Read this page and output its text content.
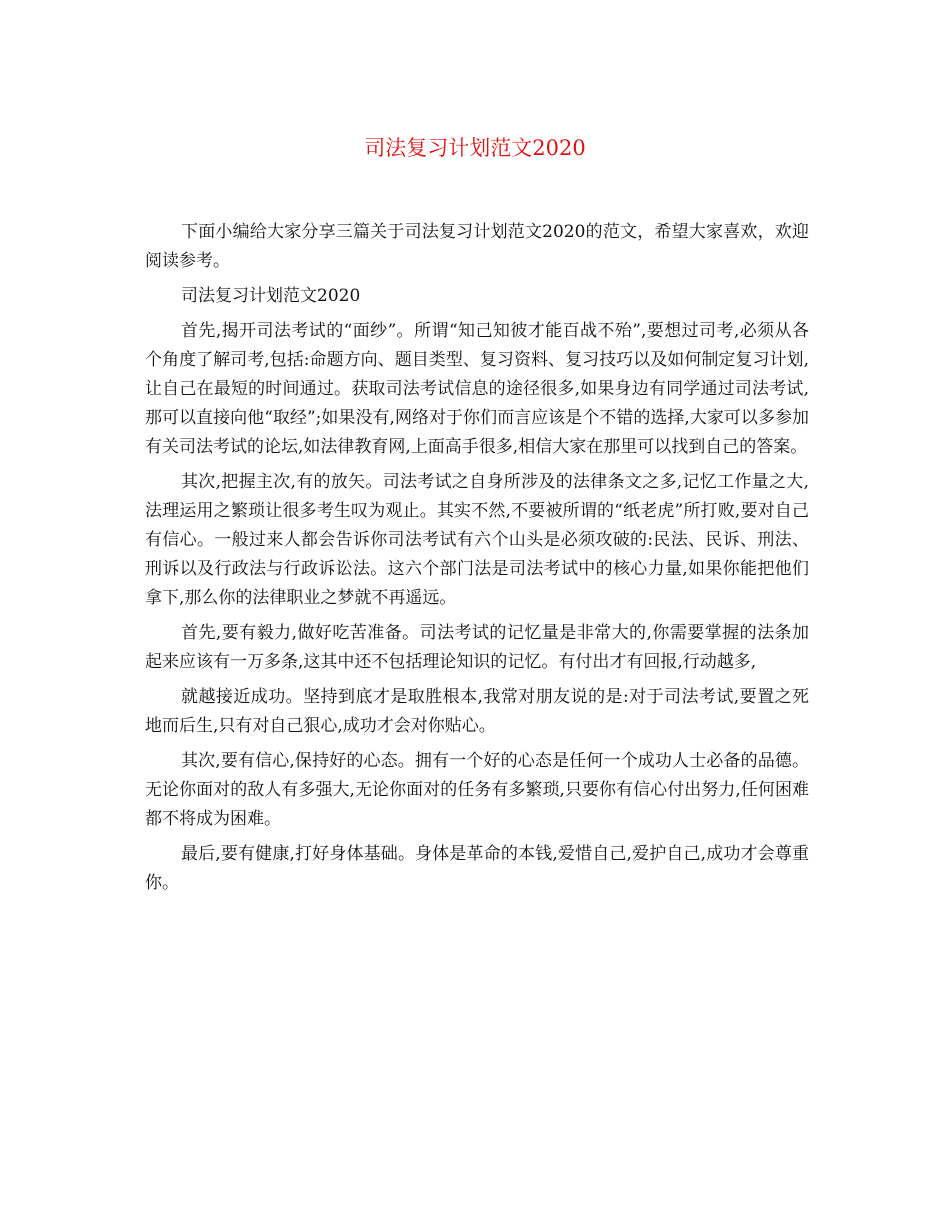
司法复习计划范文2020

下面小编给大家分享三篇关于司法复习计划范文2020的范文，希望大家喜欢，欢迎阅读参考。

司法复习计划范文2020

首先,揭开司法考试的“面纱”。所谓“知己知彼才能百战不殆”,要想过司考,必须从各个角度了解司考,包括:命题方向、题目类型、复习资料、复习技巧以及如何制定复习计划,让自己在最短的时间通过。获取司法考试信息的途径很多,如果身边有同学通过司法考试,那可以直接向他“取经”;如果没有,网络对于你们而言应该是个不错的选择,大家可以多参加有关司法考试的论坛,如法律教育网,上面高手很多,相信大家在那里可以找到自己的答案。

其次,把握主次,有的放矢。司法考试之自身所涉及的法律条文之多,记忆工作量之大,法理运用之繁琐让很多考生叹为观止。其实不然,不要被所谓的“纸老虎”所打败,要对自己有信心。一般过来人都会告诉你司法考试有六个山头是必须攻破的:民法、民诉、刑法、刑诉以及行政法与行政诉讼法。这六个部门法是司法考试中的核心力量,如果你能把他们拿下,那么你的法律职业之梦就不再遥远。

首先,要有毅力,做好吃苦准备。司法考试的记忆量是非常大的,你需要掌握的法条加起来应该有一万多条,这其中还不包括理论知识的记忆。有付出才有回报,行动越多,

就越接近成功。坚持到底才是取胜根本,我常对朋友说的是:对于司法考试,要置之死地而后生,只有对自己狠心,成功才会对你贴心。

其次,要有信心,保持好的心态。拥有一个好的心态是任何一个成功人士必备的品德。无论你面对的敌人有多强大,无论你面对的任务有多繁琐,只要你有信心付出努力,任何困难都不将成为困难。

最后,要有健康,打好身体基础。身体是革命的本钱,爱惜自己,爱护自己,成功才会尊重你。
